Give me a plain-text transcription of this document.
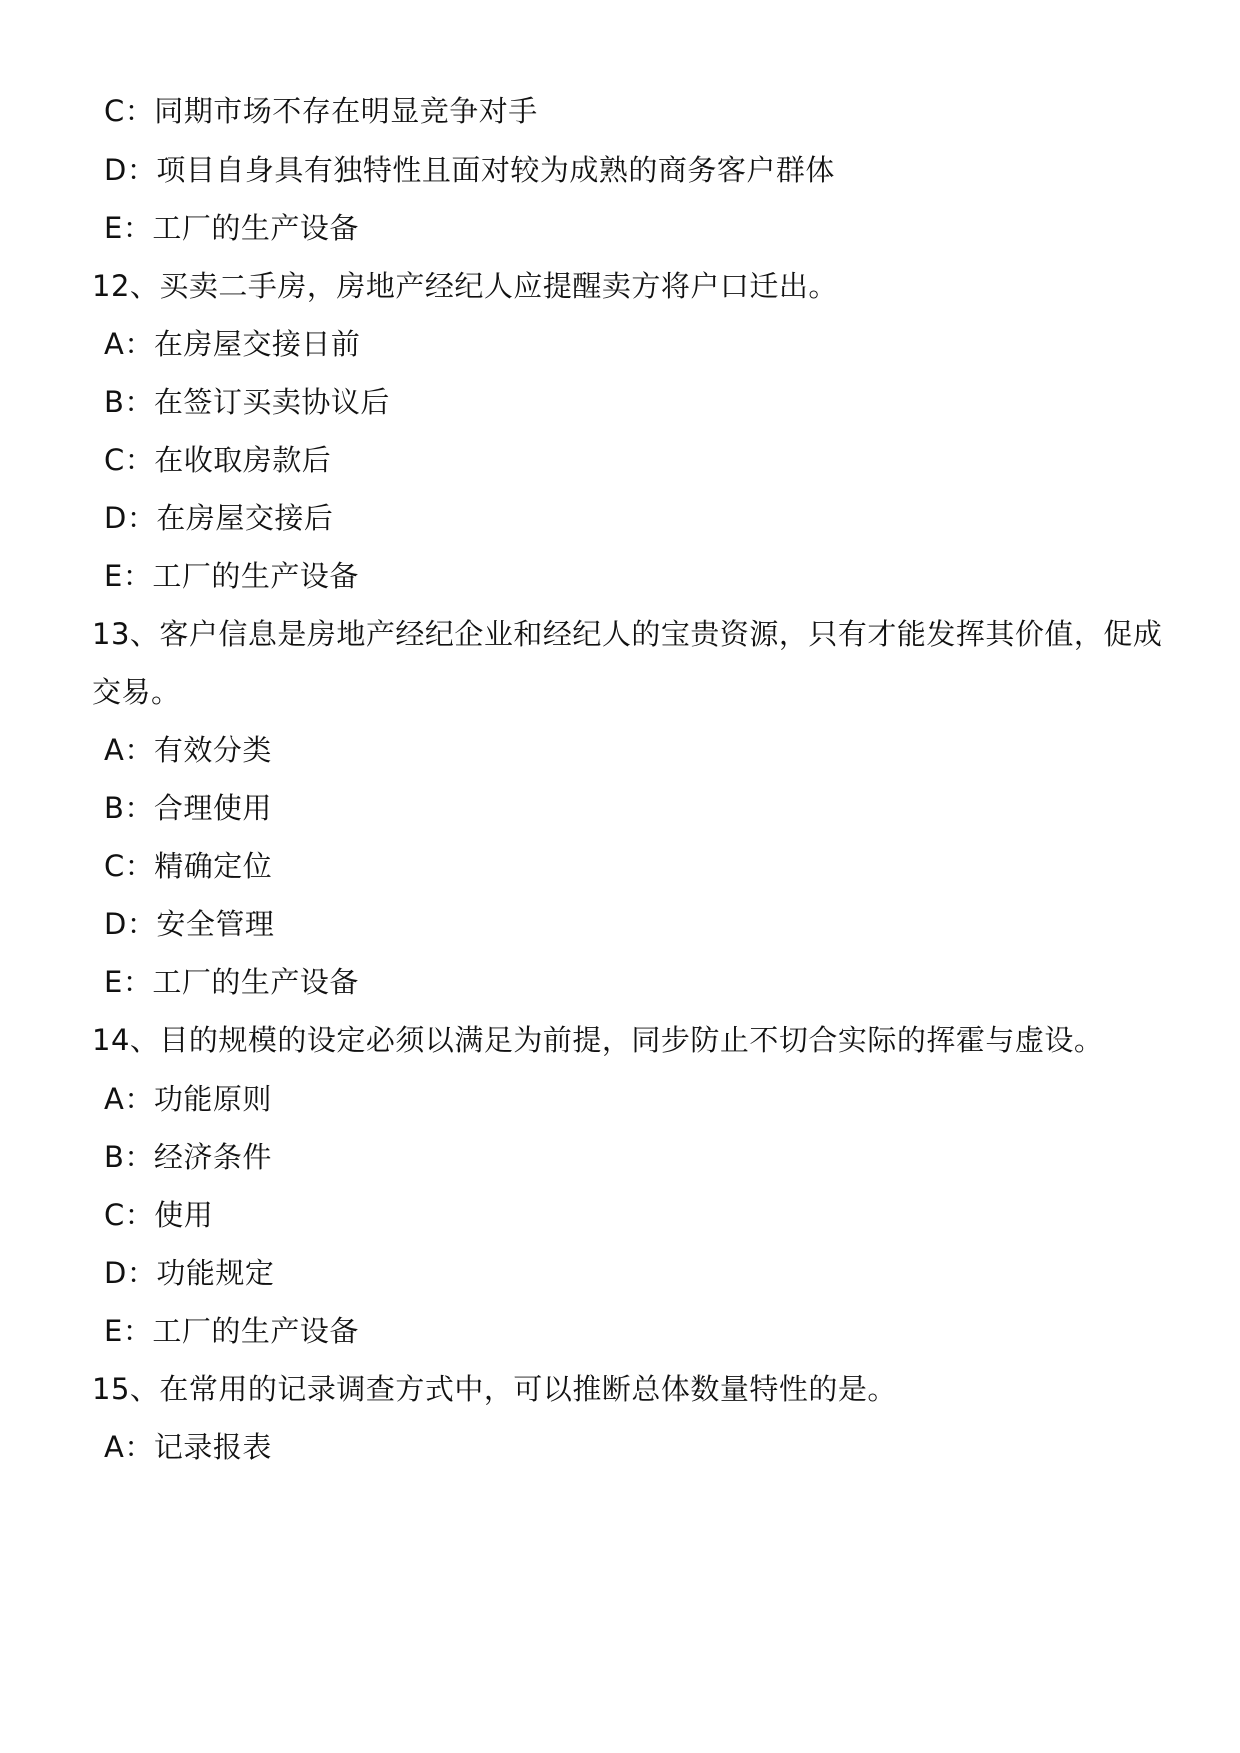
C：同期市场不存在明显竞争对手
D：项目自身具有独特性且面对较为成熟的商务客户群体
E：工厂的生产设备
12、买卖二手房，房地产经纪人应提醒卖方将户口迁出。
A：在房屋交接日前
B：在签订买卖协议后
C：在收取房款后
D：在房屋交接后
E：工厂的生产设备
13、客户信息是房地产经纪企业和经纪人的宝贵资源，只有才能发挥其价值，促成
交易。
A：有效分类
B：合理使用
C：精确定位
D：安全管理
E：工厂的生产设备
14、目的规模的设定必须以满足为前提，同步防止不切合实际的挥霍与虚设。
A：功能原则
B：经济条件
C：使用
D：功能规定
E：工厂的生产设备
15、在常用的记录调查方式中，可以推断总体数量特性的是。
A：记录报表
